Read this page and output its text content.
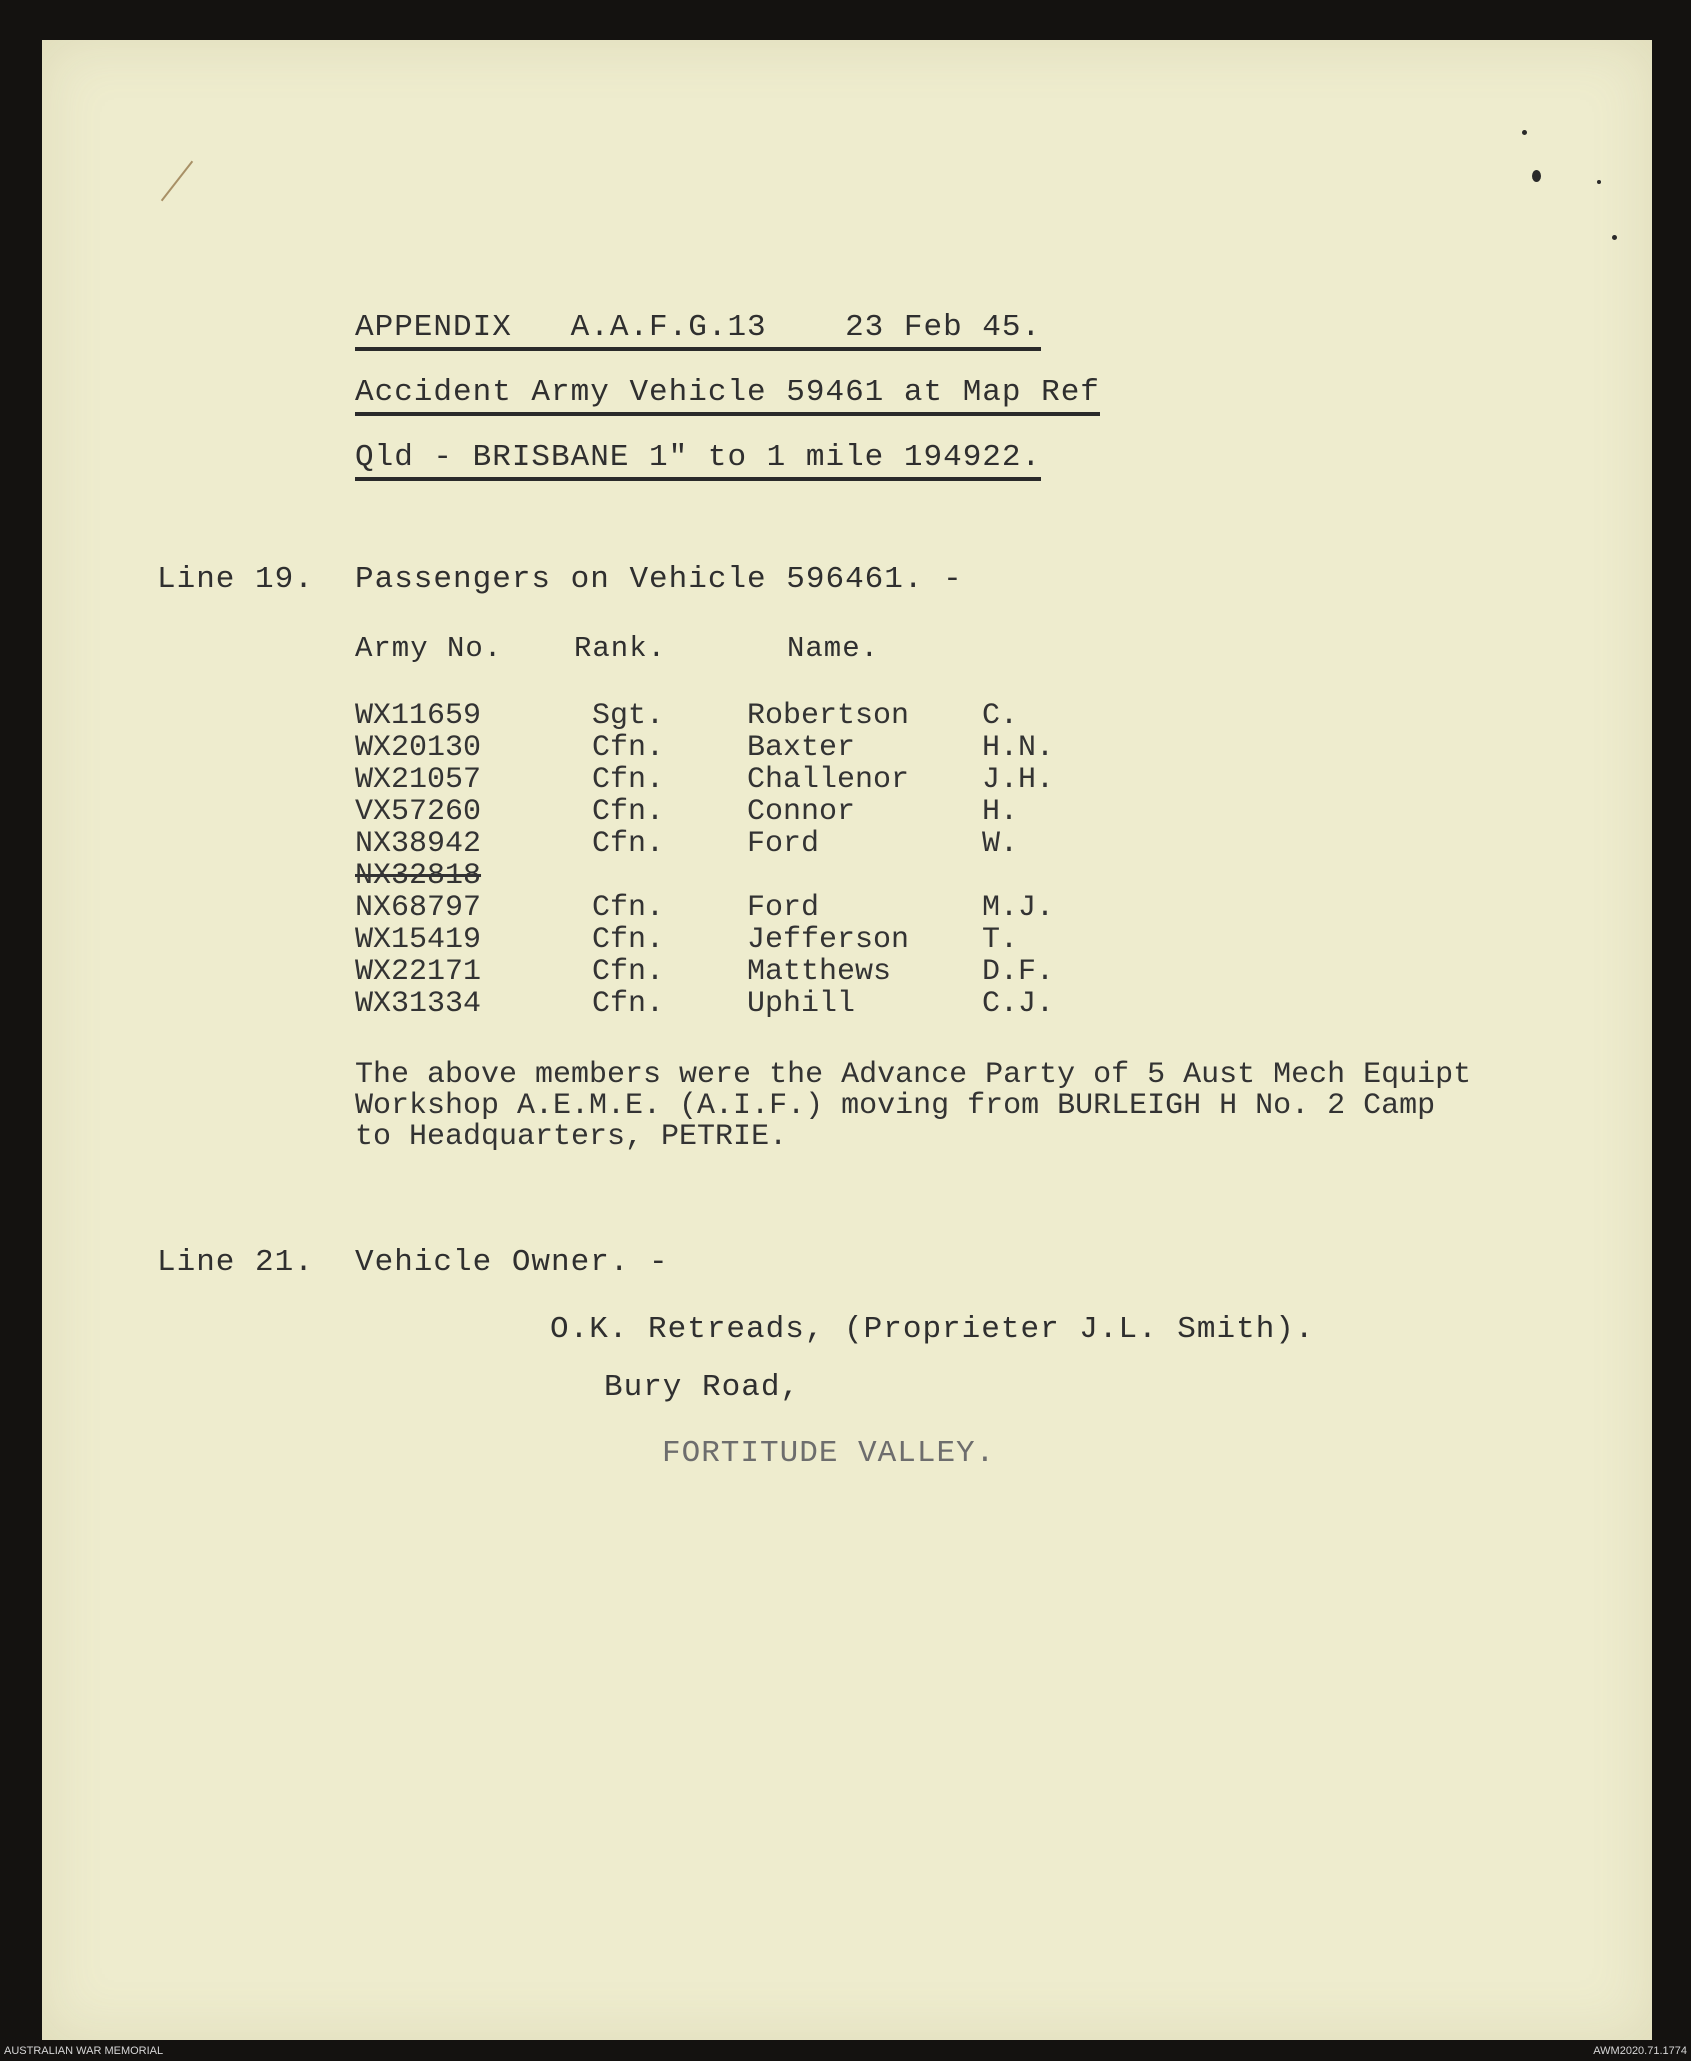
APPENDIX   A.A.F.G.13    23 Feb 45.
Accident Army Vehicle 59461 at Map Ref
Qld - BRISBANE 1" to 1 mile 194922.
Line 19. Passengers on Vehicle 596461. -
Army No. Rank.	Name.
WX11659
WX20130
WX21057
VX57260
NX38942
NX32818
NX68797
WX15419
WX22171
WX31334
Sgt.
Cfn.
Cfn.
Cfn.
Cfn.
Cfn.
Cfn.
Cfn.
Cfn.
Robertson
Baxter
Challenor
Connor
Ford
Ford
Jefferson
Matthews
Uphill
C.
H.N.
J.H.
H.
W.
M.J.
T.
D.F.
C.J.
The above members were the Advance Party of 5 Aust Mech Equipt
Workshop A.E.M.E. (A.I.F.) moving from BURLEIGH H No. 2 Camp
to Headquarters, PETRIE.
Line 21. Vehicle Owner. -
O.K. Retreads, (Proprieter J.L. Smith).
Bury Road,
FORTITUDE VALLEY.
AUSTRALIAN WAR MEMORIAL	AWM2020.71.1774
